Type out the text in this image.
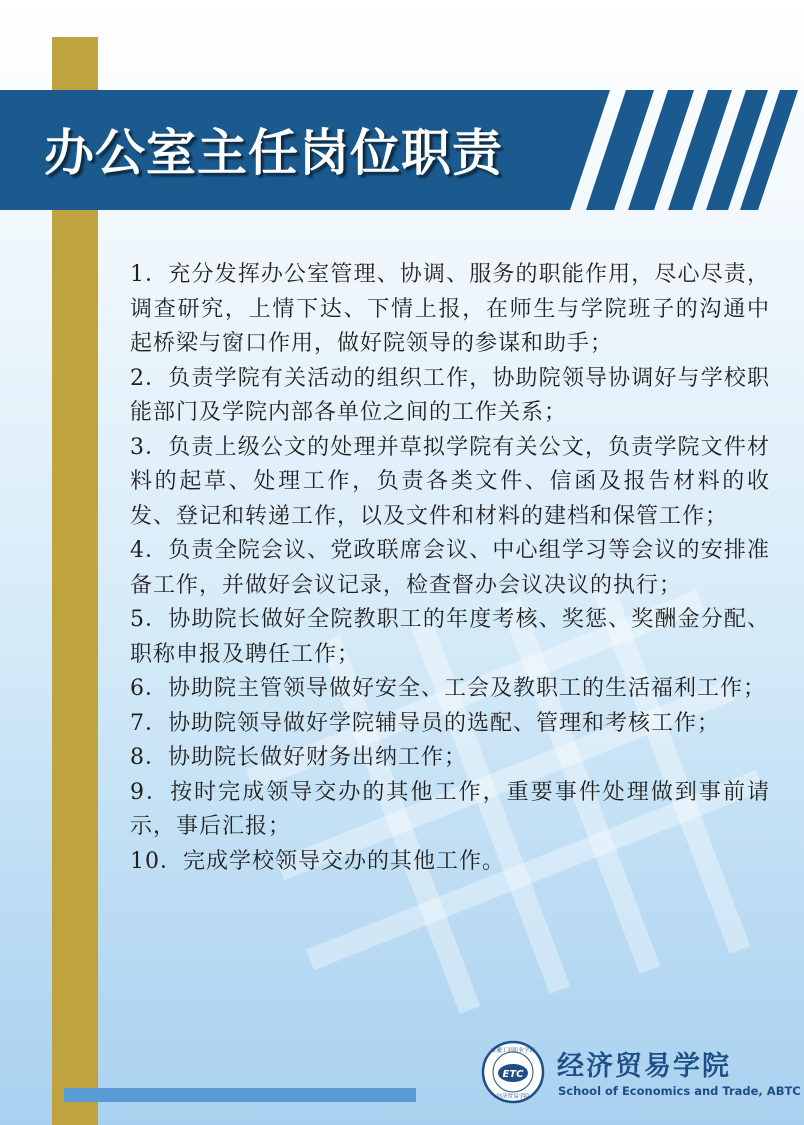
办公室主任岗位职责

1．充分发挥办公室管理、协调、服务的职能作用，尽心尽责，调查研究，上情下达、下情上报，在师生与学院班子的沟通中起桥梁与窗口作用，做好院领导的参谋和助手；

2．负责学院有关活动的组织工作，协助院领导协调好与学校职能部门及学院内部各单位之间的工作关系；

3．负责上级公文的处理并草拟学院有关公文，负责学院文件材料的起草、处理工作，负责各类文件、信函及报告材料的收发、登记和转递工作，以及文件和材料的建档和保管工作；

4．负责全院会议、党政联席会议、中心组学习等会议的安排准备工作，并做好会议记录，检查督办会议决议的执行；

5．协助院长做好全院教职工的年度考核、奖惩、奖酬金分配、职称申报及聘任工作；

6．协助院主管领导做好安全、工会及教职工的生活福利工作；

7．协助院领导做好学院辅导员的选配、管理和考核工作；

8．协助院长做好财务出纳工作；

9．按时完成领导交办的其他工作，重要事件处理做到事前请示，事后汇报；

10．完成学校领导交办的其他工作。

ETC
安徽工商职业学院
经济贸易学院

经济贸易学院

School of Economics and Trade, ABTC
